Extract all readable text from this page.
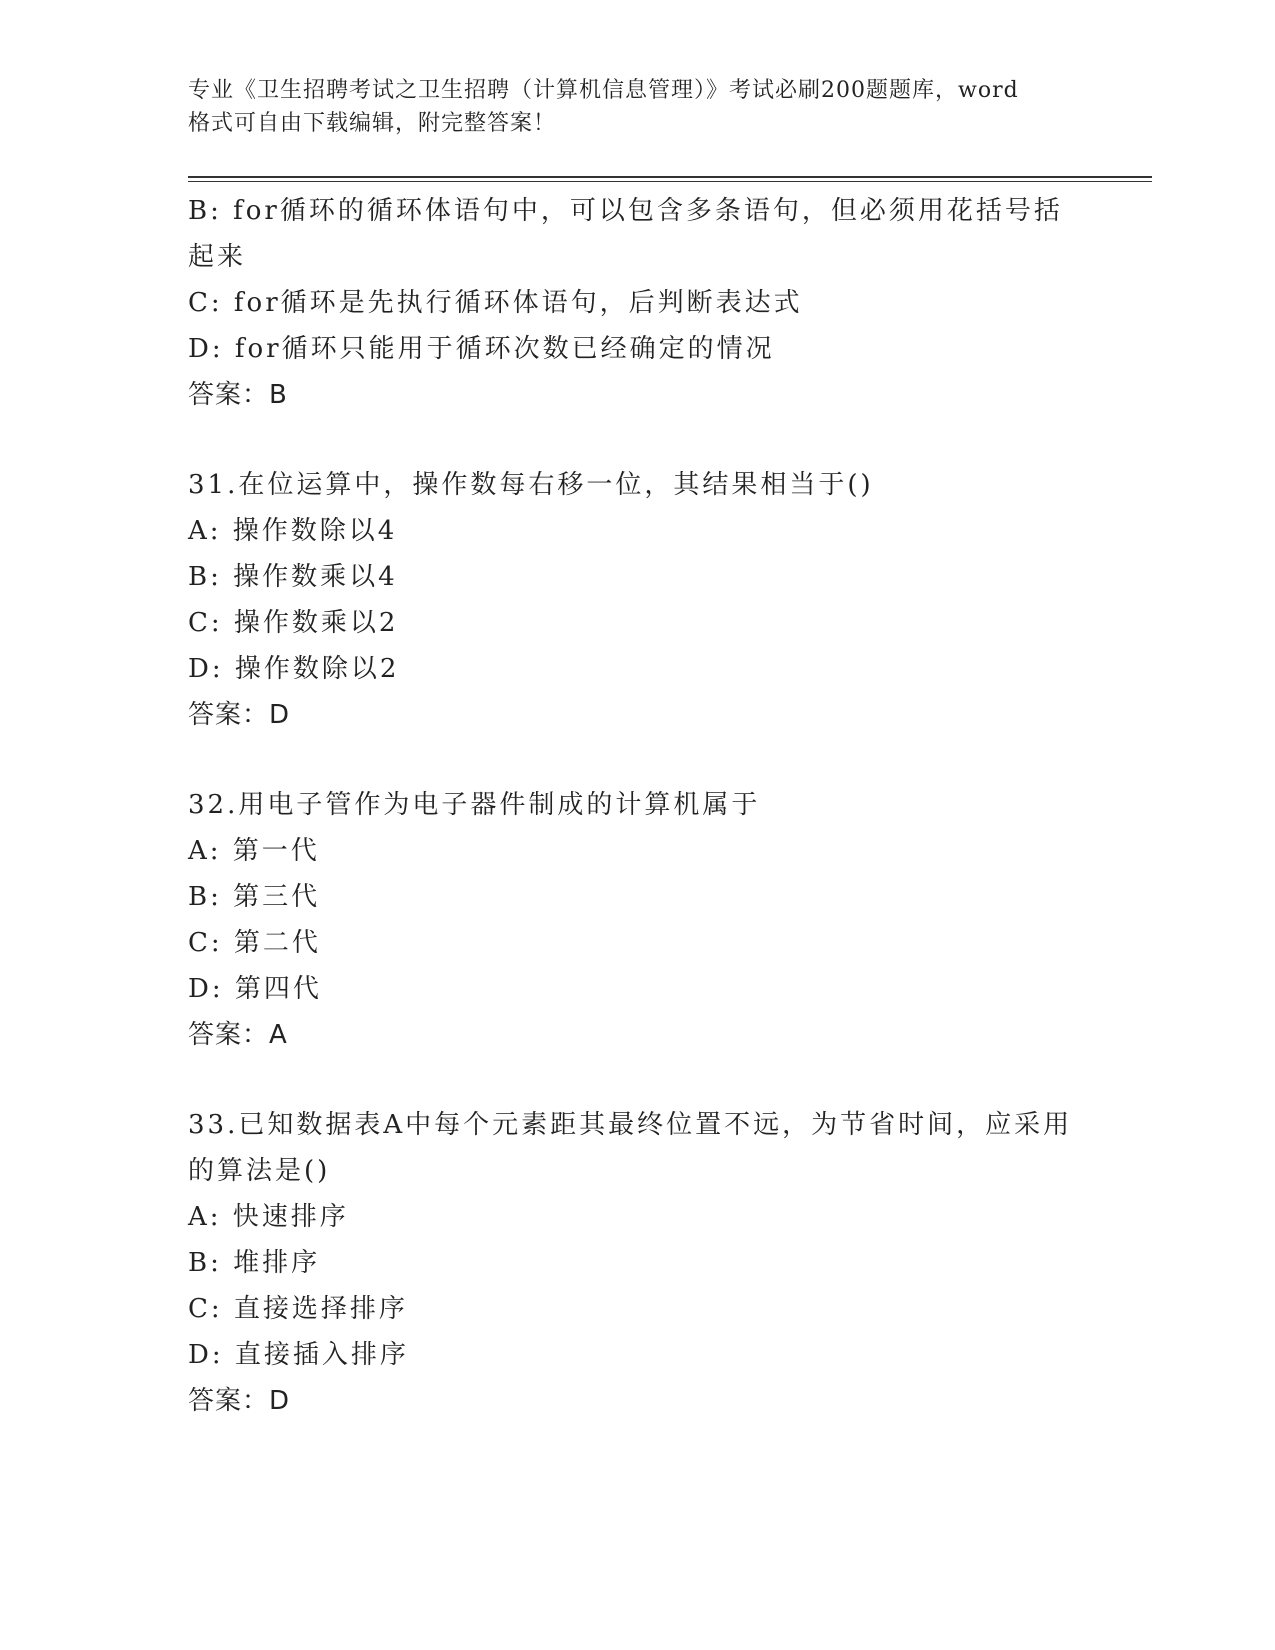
专业《卫生招聘考试之卫生招聘（计算机信息管理）》考试必刷200题题库，word
格式可自由下载编辑，附完整答案！
B: for循环的循环体语句中，可以包含多条语句，但必须用花括号括
起来
C: for循环是先执行循环体语句，后判断表达式
D: for循环只能用于循环次数已经确定的情况
答案：B
31.在位运算中，操作数每右移一位，其结果相当于()
A: 操作数除以4
B: 操作数乘以4
C: 操作数乘以2
D: 操作数除以2
答案：D
32.用电子管作为电子器件制成的计算机属于
A: 第一代
B: 第三代
C: 第二代
D: 第四代
答案：A
33.已知数据表A中每个元素距其最终位置不远，为节省时间，应采用
的算法是()
A: 快速排序
B: 堆排序
C: 直接选择排序
D: 直接插入排序
答案：D
